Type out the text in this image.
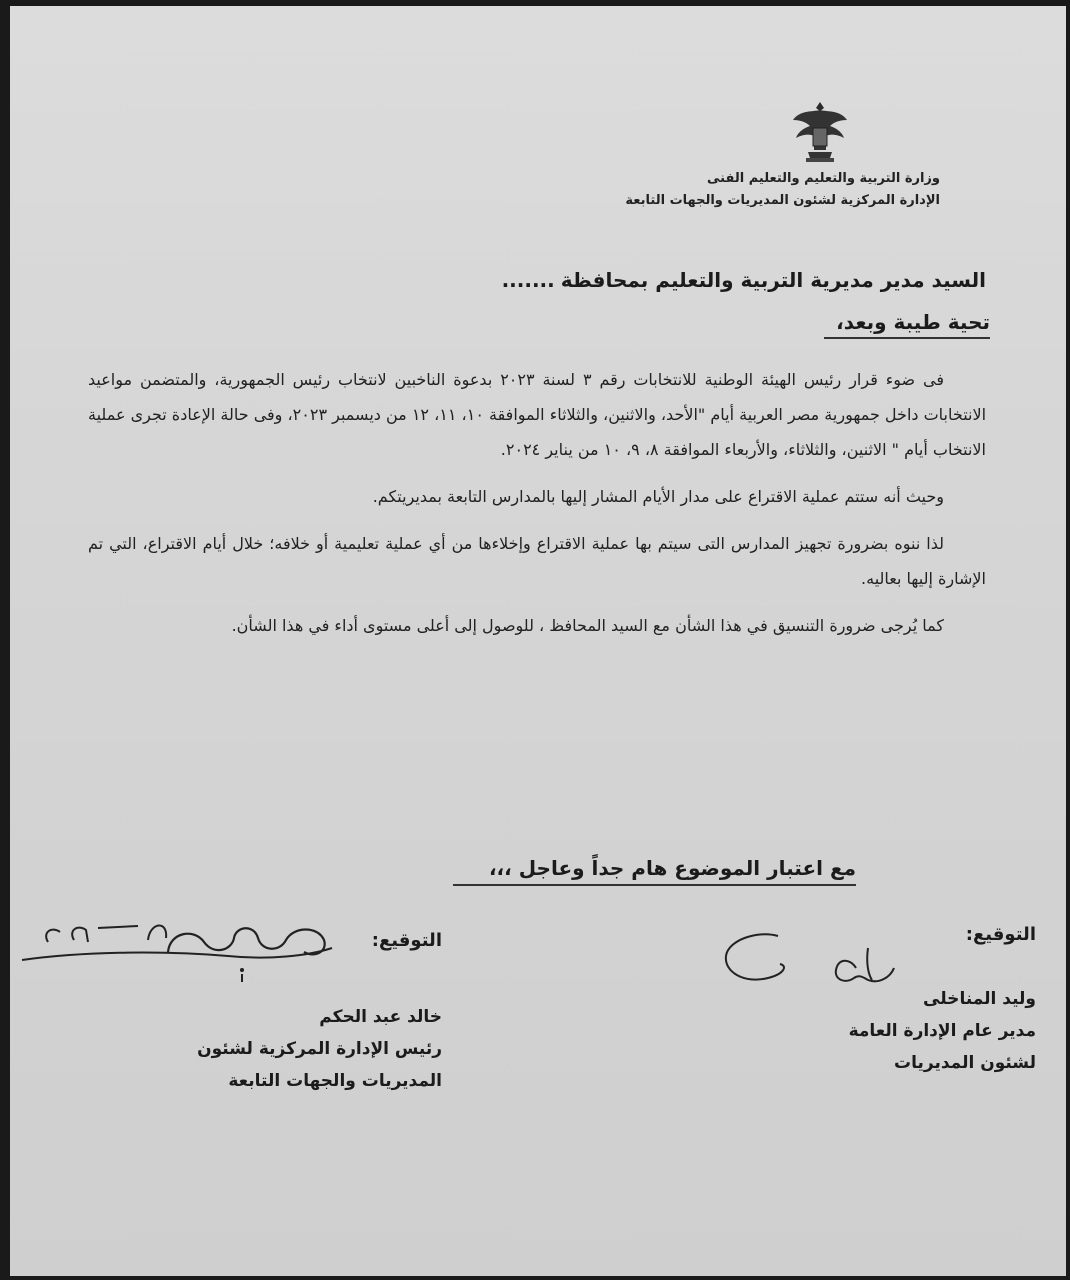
وزارة التربية والتعليم والتعليم الفنى
الإدارة المركزية لشئون المديريات والجهات التابعة
السيد مدير مديرية التربية والتعليم بمحافظة.......
تحية طيبة وبعد،

فى ضوء قرار رئيس الهيئة الوطنية للانتخابات رقم ٣ لسنة ٢٠٢٣ بدعوة الناخبين لانتخاب رئيس الجمهورية، والمتضمن مواعيد الانتخابات داخل جمهورية مصر العربية أيام "الأحد، والاثنين، والثلاثاء الموافقة ١٠، ١١، ١٢ من ديسمبر ٢٠٢٣، وفى حالة الإعادة تجرى عملية الانتخاب أيام " الاثنين، والثلاثاء، والأربعاء الموافقة ٨، ٩، ١٠ من يناير ٢٠٢٤.

وحيث أنه ستتم عملية الاقتراع على مدار الأيام المشار إليها بالمدارس التابعة بمديريتكم.

لذا ننوه بضرورة تجهيز المدارس التى سيتم بها عملية الاقتراع وإخلاءها من أي عملية تعليمية أو خلافه؛ خلال أيام الاقتراع، التي تم الإشارة إليها بعاليه.

كما يُرجى ضرورة التنسيق في هذا الشأن مع السيد المحافظ ، للوصول إلى أعلى مستوى أداء في هذا الشأن.

مع اعتبار الموضوع هام جداً وعاجل ،،،
التوقيع:
وليد المناخلى
مدير عام الإدارة العامة
لشئون المديريات
التوقيع:
خالد عبد الحكم
رئيس الإدارة المركزية لشئون
المديريات والجهات التابعة
